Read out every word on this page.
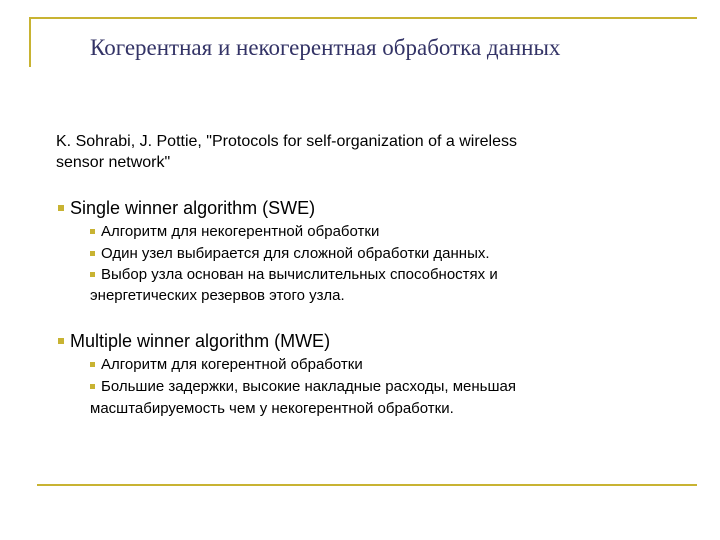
Когерентная и некогерентная обработка данных
K. Sohrabi, J. Pottie, "Protocols for self-organization of a wireless
sensor network"
Single winner algorithm (SWE)
Алгоритм для некогерентной обработки
Один узел выбирается для сложной обработки данных.
Выбор узла основан на вычислительных способностях и
энергетических резервов этого узла.
Multiple winner algorithm (MWE)
Алгоритм для когерентной обработки
Большие задержки, высокие накладные расходы, меньшая
масштабируемость чем у некогерентной обработки.
